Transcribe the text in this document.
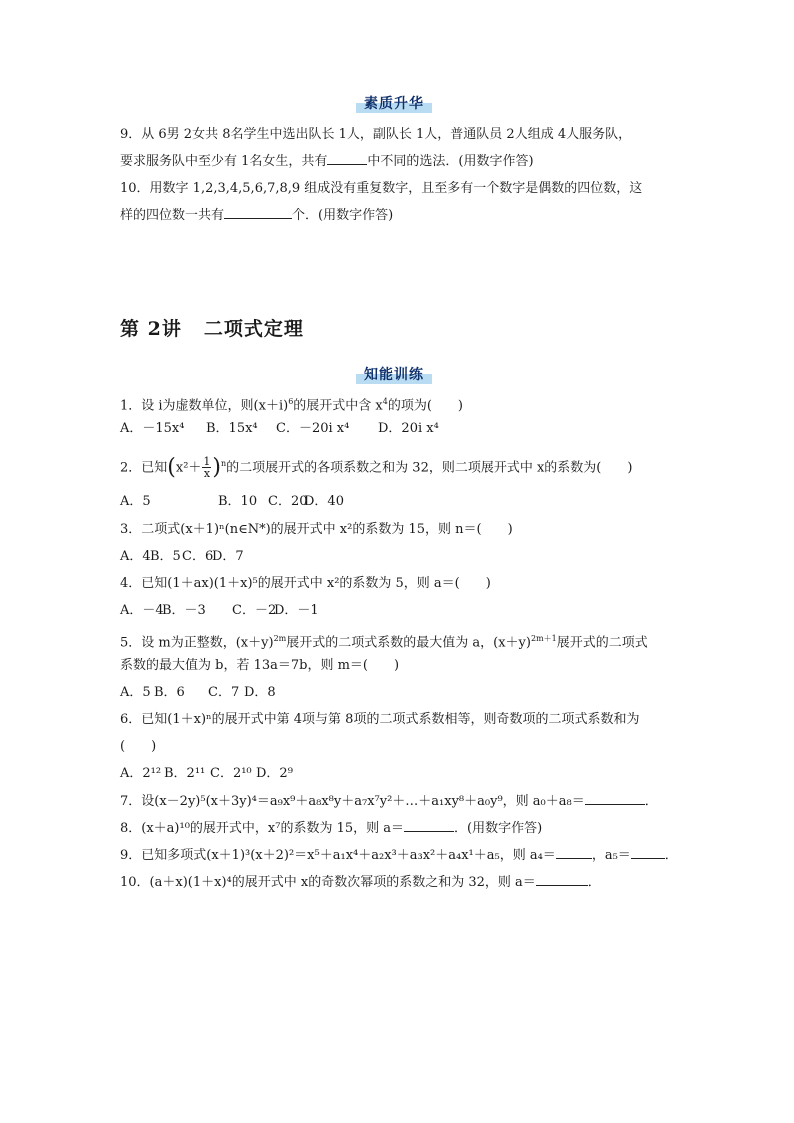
素质升华
9．从 6男 2女共 8名学生中选出队长 1人，副队长 1人，普通队员 2人组成 4人服务队，
要求服务队中至少有 1名女生，共有	中不同的选法．(用数字作答)
10．用数字 1,2,3,4,5,6,7,8,9 组成没有重复数字，且至多有一个数字是偶数的四位数，这
样的四位数一共有	个．(用数字作答)
第 2讲 二项式定理
知能训练
1．设 i为虚数单位，则$(x+i)^6$的展开式中含 $x^4$的项为(　　)
A．－15x⁴ B．15x⁴ C．－20i x⁴ D．20i x⁴
2．已知$(x^2+ \frac{1}{x} )^n$的二项展开式的各项系数之和为 32，则二项展开式中 x的系数为(　　)
A．5	B．10 C．20D．40
3．二项式(x＋1)ⁿ(n∈N*)的展开式中 x²的系数为 15，则 n＝(　　)
A．4B．5C．6D．7
4．已知(1＋ax)(1＋x)⁵的展开式中 x²的系数为 5，则 a＝(　　)
A．－4B．－3 C．－2D．－1
5．设 m为正整数，$(x+y)^{2m}$展开式的二项式系数的最大值为 a，$(x+y)^{2m+1}$展开式的二项式
系数的最大值为 b，若 13a＝7b，则 m＝(　　)
A．5 B．6 C．7 D．8
6．已知(1＋x)ⁿ的展开式中第 4项与第 8项的二项式系数相等，则奇数项的二项式系数和为
(　　)
A．2¹² B．2¹¹ C．2¹⁰ D．2⁹
7．设(x－2y)⁵(x＋3y)⁴＝a₉x⁹＋a₈x⁸y＋a₇x⁷y²＋…＋a₁xy⁸＋a₀y⁹，则 a₀＋a₈＝	．
8．(x＋a)¹⁰的展开式中，x⁷的系数为 15，则 a＝	．(用数字作答)
9．已知多项式(x＋1)³(x＋2)²＝x⁵＋a₁x⁴＋a₂x³＋a₃x²＋a₄x¹＋a₅，则 a₄＝	，a₅＝	．
10．(a＋x)(1＋x)⁴的展开式中 x的奇数次幂项的系数之和为 32，则 a＝	．
